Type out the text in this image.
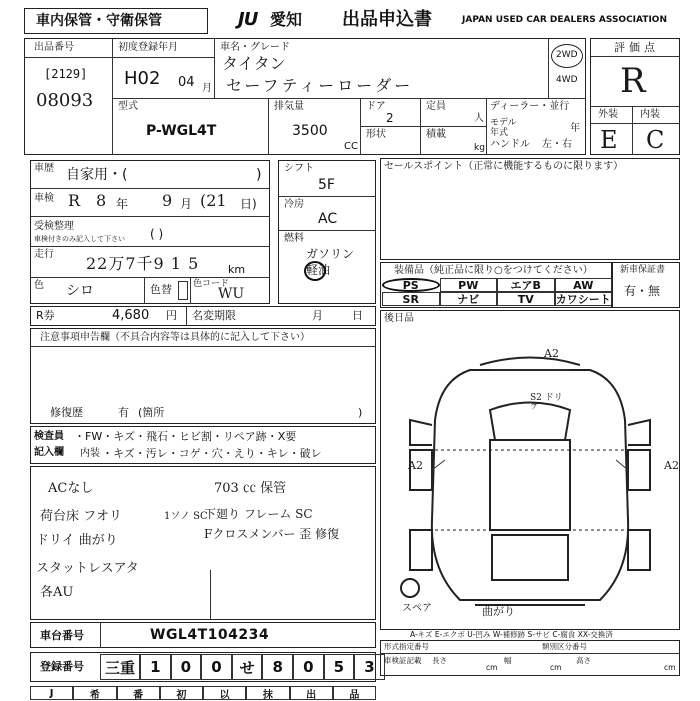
車内保管・守衛保管	JU 愛知 出品申込書	JAPAN USED CAR DEALERS ASSOCIATION
出品番号
[2129]
08093
初度登録年月
H02 04 月
車名・グレード
タイタン
セーフティーローダー
2WD
4WD
型式
P-WGL4T
排気量
3500
CC
ドア
2
形状
定員
人
積載
kg
ディーラー・並行
モデル年式	年
ハンドル 左・右
評価点
R
外装 内装
E C
車歴 自家用・(	)
車検 R 8 年 9 月 (21 日)
受検整理
車検付きのみ記入して下さい ( )
走行 22万7千9 1 5	km
色 シロ	色替 色コード
WU
R券	4,680 円 名変期限	月	日
シフト
5F
冷房
AC
燃料
ガソリン
軽油
セールスポイント（正常に機能するものに限ります）
装備品（純正品に限り○をつけてください）
PS	PW	エアB	AW
SR	ナビ	TV	カワシート
新車保証書
有・無
後日品
注意事項申告欄（不具合内容等は具体的に記入して下さい）
修復歴	有 (箇所	)
検査員
記入欄
・FW・キズ・飛石・ヒビ割・リペア跡・X要
内装 ・キズ・汚レ・コゲ・穴・えり・キレ・破レ
ACなし
荷台床 フオリ
ドリイ 曲がり
スタットレスアタ
各AU
703 ㏄ 保管
下廻り フレーム SC
Fクロスメンバー 歪 修復
1ソノ SC
A2
S2 ドリケ
A2	A2
スペア	曲がり
A-キズ E-エクボ U-凹み W-補修跡 S-サビ C-腐食 XX-交換済
形式指定番号	類別区分番号
車検証記載 長さ
cm
幅
cm
高さ
cm
車台番号	WGL4T104234
登録番号	三重	1	0	0	せ	8	0	5	3
J	希	番	初	以	抹	出	品
